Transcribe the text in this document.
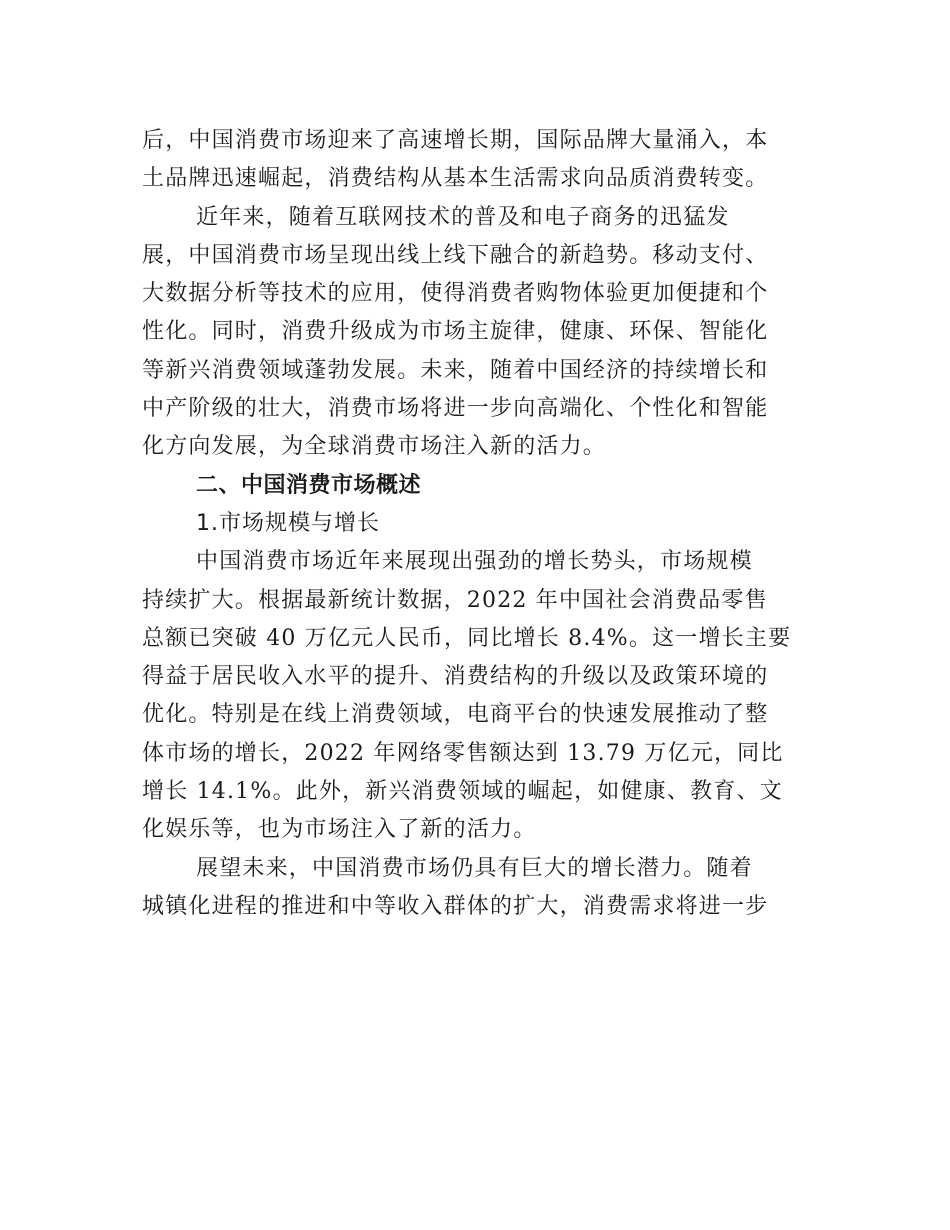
后，中国消费市场迎来了高速增长期，国际品牌大量涌入，本
土品牌迅速崛起，消费结构从基本生活需求向品质消费转变。
近年来，随着互联网技术的普及和电子商务的迅猛发
展，中国消费市场呈现出线上线下融合的新趋势。移动支付、
大数据分析等技术的应用，使得消费者购物体验更加便捷和个
性化。同时，消费升级成为市场主旋律，健康、环保、智能化
等新兴消费领域蓬勃发展。未来，随着中国经济的持续增长和
中产阶级的壮大，消费市场将进一步向高端化、个性化和智能
化方向发展，为全球消费市场注入新的活力。
二、中国消费市场概述
1.市场规模与增长
中国消费市场近年来展现出强劲的增长势头，市场规模
持续扩大。根据最新统计数据，2022 年中国社会消费品零售
总额已突破 40 万亿元人民币，同比增长 8.4%。这一增长主要
得益于居民收入水平的提升、消费结构的升级以及政策环境的
优化。特别是在线上消费领域，电商平台的快速发展推动了整
体市场的增长，2022 年网络零售额达到 13.79 万亿元，同比
增长 14.1%。此外，新兴消费领域的崛起，如健康、教育、文
化娱乐等，也为市场注入了新的活力。
展望未来，中国消费市场仍具有巨大的增长潜力。随着
城镇化进程的推进和中等收入群体的扩大，消费需求将进一步
